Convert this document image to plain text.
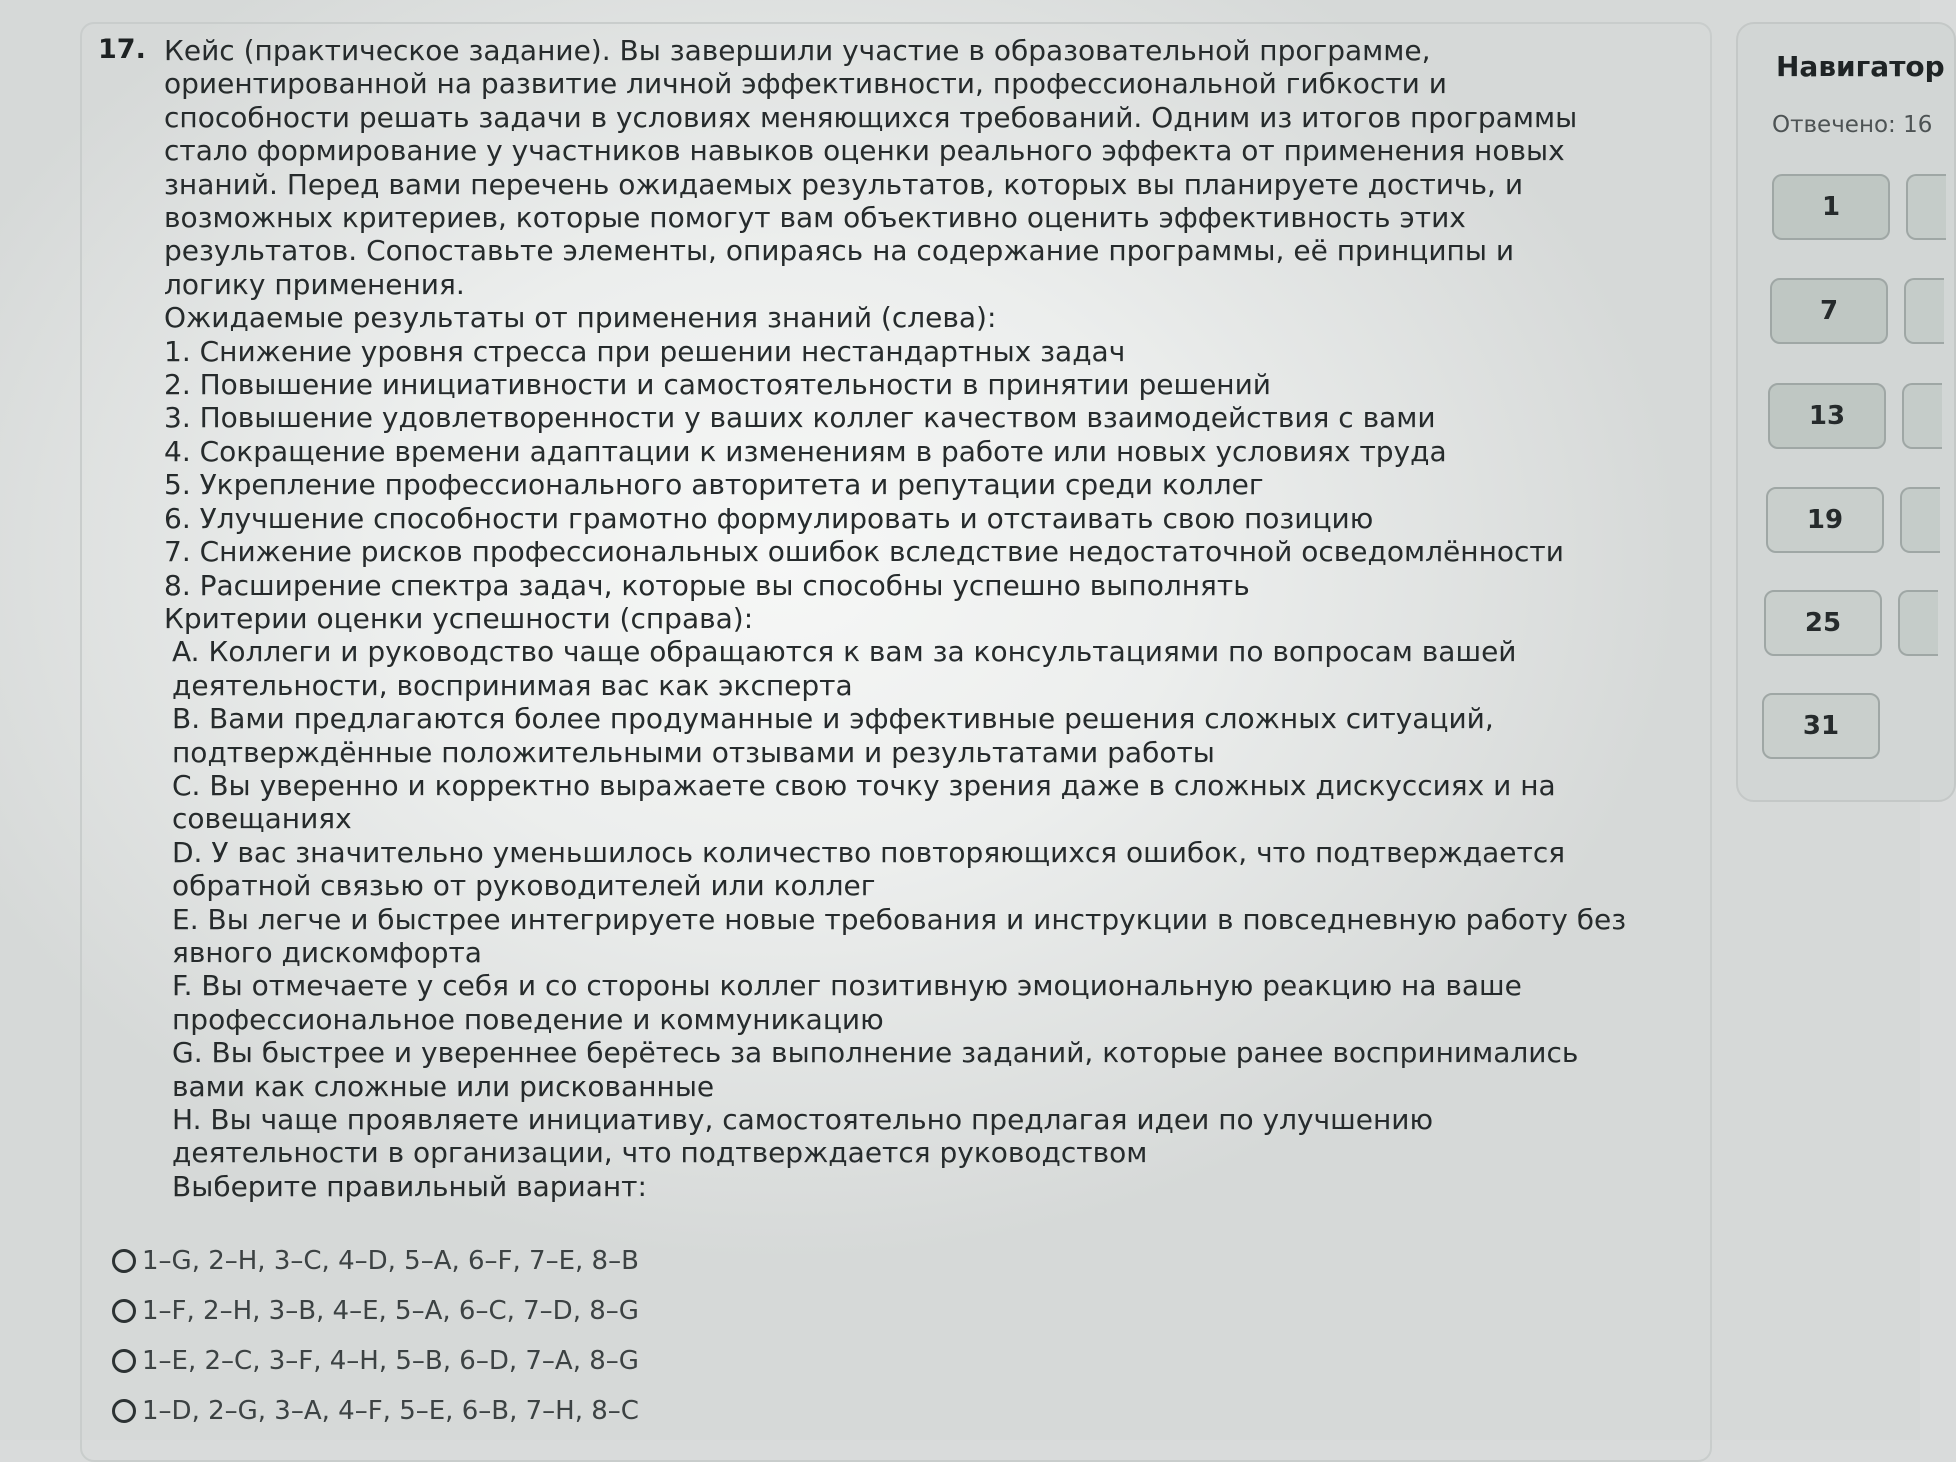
17. Кейс (практическое задание). Вы завершили участие в образовательной программе,
ориентированной на развитие личной эффективности, профессиональной гибкости и
способности решать задачи в условиях меняющихся требований. Одним из итогов программы
стало формирование у участников навыков оценки реального эффекта от применения новых
знаний. Перед вами перечень ожидаемых результатов, которых вы планируете достичь, и
возможных критериев, которые помогут вам объективно оценить эффективность этих
результатов. Сопоставьте элементы, опираясь на содержание программы, её принципы и
логику применения.
Ожидаемые результаты от применения знаний (слева):
1. Снижение уровня стресса при решении нестандартных задач
2. Повышение инициативности и самостоятельности в принятии решений
3. Повышение удовлетворенности у ваших коллег качеством взаимодействия с вами
4. Сокращение времени адаптации к изменениям в работе или новых условиях труда
5. Укрепление профессионального авторитета и репутации среди коллег
6. Улучшение способности грамотно формулировать и отстаивать свою позицию
7. Снижение рисков профессиональных ошибок вследствие недостаточной осведомлённости
8. Расширение спектра задач, которые вы способны успешно выполнять
Критерии оценки успешности (справа):
A. Коллеги и руководство чаще обращаются к вам за консультациями по вопросам вашей
деятельности, воспринимая вас как эксперта
B. Вами предлагаются более продуманные и эффективные решения сложных ситуаций,
подтверждённые положительными отзывами и результатами работы
C. Вы уверенно и корректно выражаете свою точку зрения даже в сложных дискуссиях и на
совещаниях
D. У вас значительно уменьшилось количество повторяющихся ошибок, что подтверждается
обратной связью от руководителей или коллег
E. Вы легче и быстрее интегрируете новые требования и инструкции в повседневную работу без
явного дискомфорта
F. Вы отмечаете у себя и со стороны коллег позитивную эмоциональную реакцию на ваше
профессиональное поведение и коммуникацию
G. Вы быстрее и увереннее берётесь за выполнение заданий, которые ранее воспринимались
вами как сложные или рискованные
H. Вы чаще проявляете инициативу, самостоятельно предлагая идеи по улучшению
деятельности в организации, что подтверждается руководством
Выберите правильный вариант:
1–G, 2–H, 3–C, 4–D, 5–A, 6–F, 7–E, 8–B
1–F, 2–H, 3–B, 4–E, 5–A, 6–C, 7–D, 8–G
1–E, 2–C, 3–F, 4–H, 5–B, 6–D, 7–A, 8–G
1–D, 2–G, 3–A, 4–F, 5–E, 6–B, 7–H, 8–C
Навигатор
Отвечено: 16
1
7
13
19
25
31
